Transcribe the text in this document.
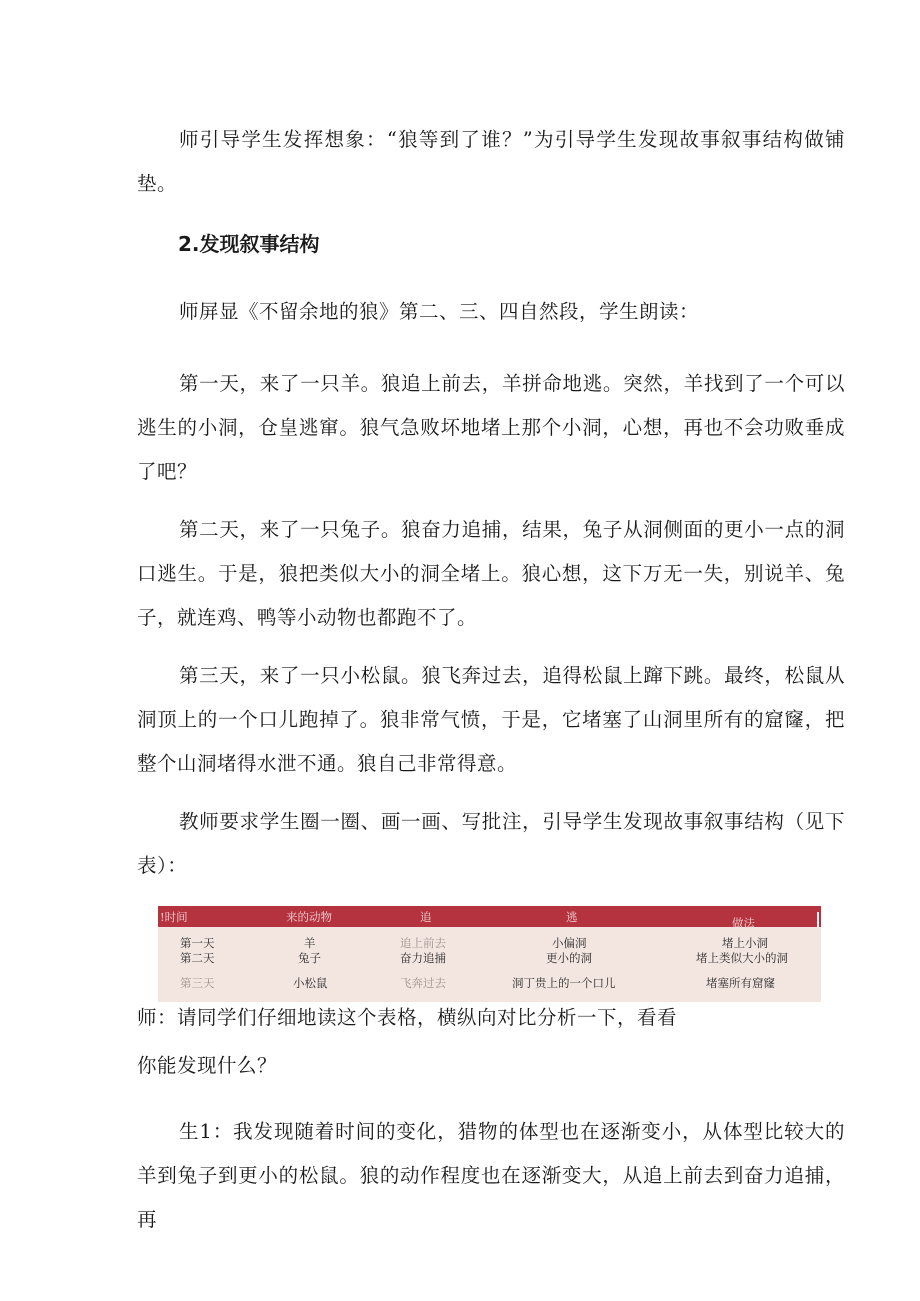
师引导学生发挥想象：“狼等到了谁？”为引导学生发现故事叙事结构做铺垫。

2.发现叙事结构

师屏显《不留余地的狼》第二、三、四自然段，学生朗读：

第一天，来了一只羊。狼追上前去，羊拼命地逃。突然，羊找到了一个可以逃生的小洞，仓皇逃窜。狼气急败坏地堵上那个小洞，心想，再也不会功败垂成了吧？

第二天，来了一只兔子。狼奋力追捕，结果，兔子从洞侧面的更小一点的洞口逃生。于是，狼把类似大小的洞全堵上。狼心想，这下万无一失，别说羊、兔子，就连鸡、鸭等小动物也都跑不了。

第三天，来了一只小松鼠。狼飞奔过去，追得松鼠上蹿下跳。最终，松鼠从洞顶上的一个口儿跑掉了。狼非常气愤，于是，它堵塞了山洞里所有的窟窿，把整个山洞堵得水泄不通。狼自己非常得意。

教师要求学生圈一圈、画一画、写批注，引导学生发现故事叙事结构（见下表）：

!时间	来的动物	追	逃	做法
第一天	羊	追上前去	小偏洞	堵上小洞
第二天	兔子	奋力追捕	更小的洞	堵上类似大小的洞
第三天	小松鼠	飞奔过去	洞丁贵上的一个口儿	堵塞所有窟窿

师：请同学们仔细地读这个表格，横纵向对比分析一下，看看

你能发现什么？

生1：我发现随着时间的变化，猎物的体型也在逐渐变小，从体型比较大的羊到兔子到更小的松鼠。狼的动作程度也在逐渐变大，从追上前去到奋力追捕，再
